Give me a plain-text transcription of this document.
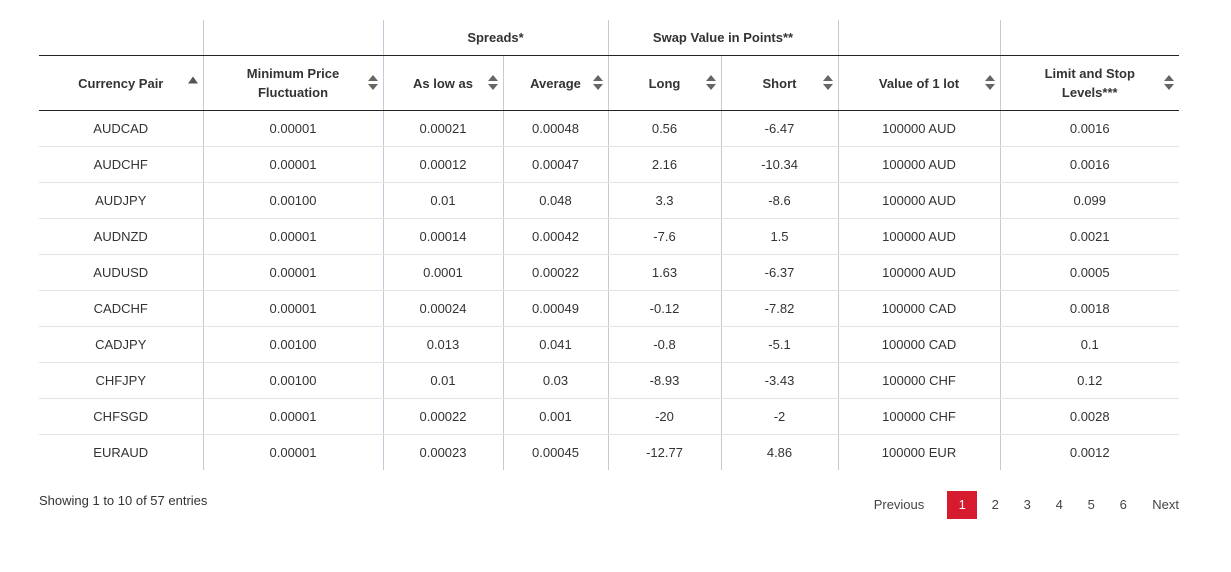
		Spreads*		Swap Value in Points**			
Currency Pair	Minimum Price Fluctuation	As low as	Average	Long	Short	Value of 1 lot	Limit and Stop Levels***

AUDCAD	0.00001	0.00021	0.00048	0.56	-6.47	100000 AUD	0.0016
AUDCHF	0.00001	0.00012	0.00047	2.16	-10.34	100000 AUD	0.0016
AUDJPY	0.00100	0.01	0.048	3.3	-8.6	100000 AUD	0.099
AUDNZD	0.00001	0.00014	0.00042	-7.6	1.5	100000 AUD	0.0021
AUDUSD	0.00001	0.0001	0.00022	1.63	-6.37	100000 AUD	0.0005
CADCHF	0.00001	0.00024	0.00049	-0.12	-7.82	100000 CAD	0.0018
CADJPY	0.00100	0.013	0.041	-0.8	-5.1	100000 CAD	0.1
CHFJPY	0.00100	0.01	0.03	-8.93	-3.43	100000 CHF	0.12
CHFSGD	0.00001	0.00022	0.001	-20	-2	100000 CHF	0.0028
EURAUD	0.00001	0.00023	0.00045	-12.77	4.86	100000 EUR	0.0012
Showing 1 to 10 of 57 entries	Previous	1	2	3	4	5	6	Next
